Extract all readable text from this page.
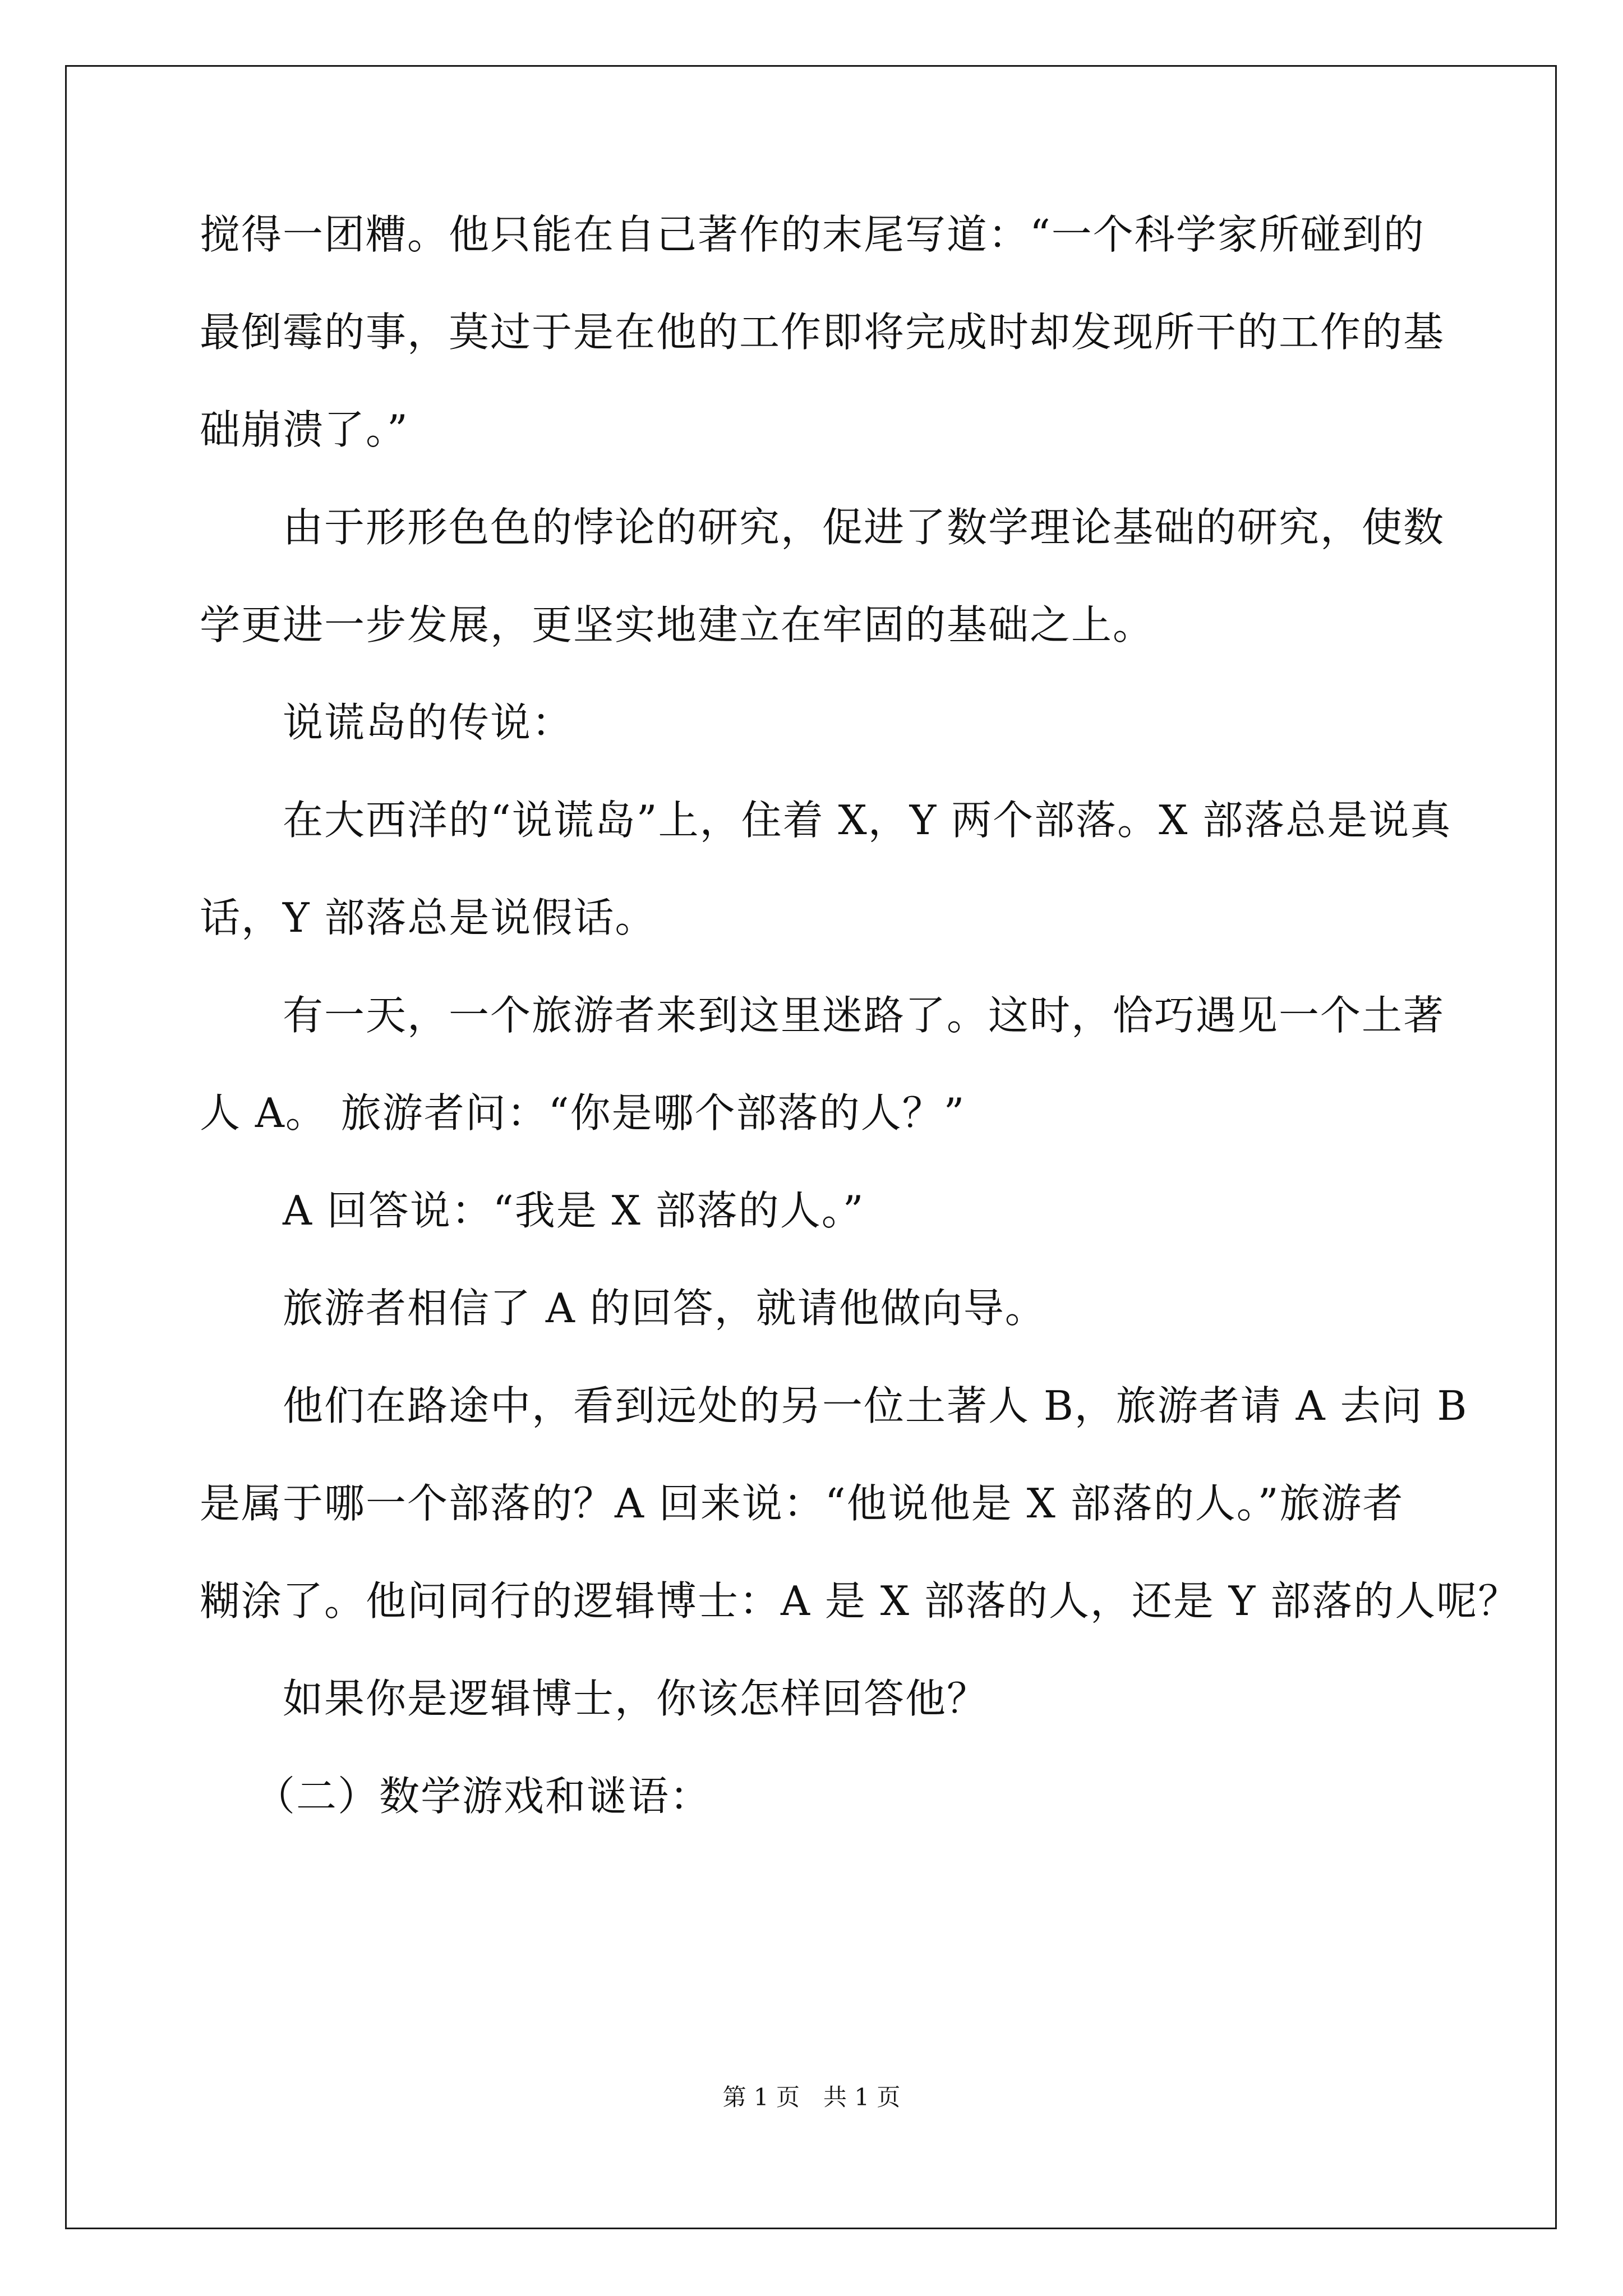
搅得一团糟。他只能在自己著作的末尾写道：“一个科学家所碰到的
最倒霉的事，莫过于是在他的工作即将完成时却发现所干的工作的基
础崩溃了。”
由于形形色色的悖论的研究，促进了数学理论基础的研究，使数
学更进一步发展，更坚实地建立在牢固的基础之上。
说谎岛的传说：
在大西洋的“说谎岛”上，住着 X，Y 两个部落。X 部落总是说真
话，Y 部落总是说假话。
有一天，一个旅游者来到这里迷路了。这时，恰巧遇见一个土著
人 A。 旅游者问：“你是哪个部落的人？”
A 回答说：“我是 X 部落的人。”
旅游者相信了 A 的回答，就请他做向导。
他们在路途中，看到远处的另一位土著人 B，旅游者请 A 去问 B
是属于哪一个部落的？A 回来说：“他说他是 X 部落的人。”旅游者
糊涂了。他问同行的逻辑博士：A 是 X 部落的人，还是 Y 部落的人呢？
如果你是逻辑博士，你该怎样回答他？
（二）数学游戏和谜语：
第 1 页　共 1 页
